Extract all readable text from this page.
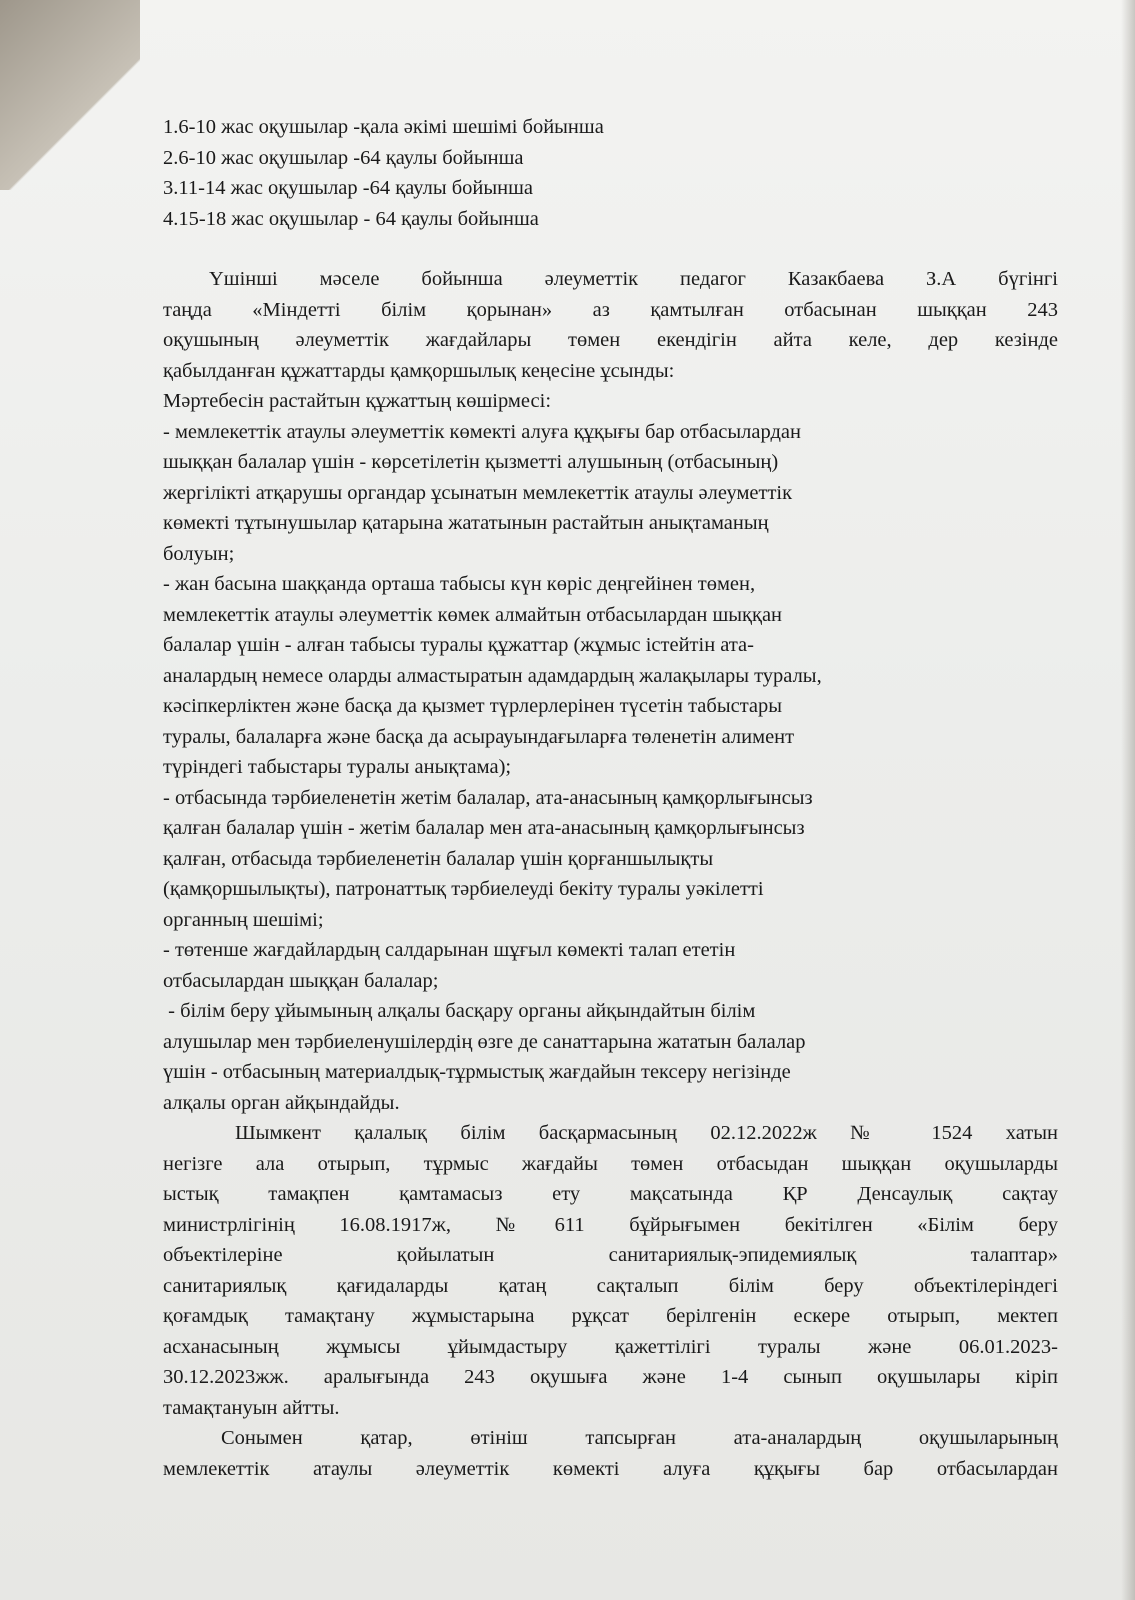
1.6-10 жас оқушылар -қала әкімі шешімі бойынша
2.6-10 жас оқушылар -64 қаулы бойынша
3.11-14 жас оқушылар -64 қаулы бойынша
4.15-18 жас оқушылар - 64 қаулы бойынша
Үшінші мәселе бойынша әлеуметтік педагог Казакбаева З.А бүгінгі
таңда «Міндетті білім қорынан» аз қамтылған отбасынан шыққан 243
оқушының әлеуметтік жағдайлары төмен екендігін айта келе, дер кезінде
қабылданған құжаттарды қамқоршылық кеңесіне ұсынды:
Мәртебесін растайтын құжаттың көшірмесі:
- мемлекеттік атаулы әлеуметтік көмекті алуға құқығы бар отбасылардан
шыққан балалар үшін - көрсетілетін қызметті алушының (отбасының)
жергілікті атқарушы органдар ұсынатын мемлекеттік атаулы әлеуметтік
көмекті тұтынушылар қатарына жататынын растайтын анықтаманың
болуын;
- жан басына шаққанда орташа табысы күн көріс деңгейінен төмен,
мемлекеттік атаулы әлеуметтік көмек алмайтын отбасылардан шыққан
балалар үшін - алған табысы туралы құжаттар (жұмыс істейтін ата-
аналардың немесе оларды алмастыратын адамдардың жалақылары туралы,
кәсіпкерліктен және басқа да қызмет түрлерлерінен түсетін табыстары
туралы, балаларға және басқа да асырауындағыларға төленетін алимент
түріндегі табыстары туралы анықтама);
- отбасында тәрбиеленетін жетім балалар, ата-анасының қамқорлығынсыз
қалған балалар үшін - жетім балалар мен ата-анасының қамқорлығынсыз
қалған, отбасыда тәрбиеленетін балалар үшін қорғаншылықты
(қамқоршылықты), патронаттық тәрбиелеуді бекіту туралы уәкілетті
органның шешімі;
- төтенше жағдайлардың салдарынан шұғыл көмекті талап ететін
отбасылардан шыққан балалар;
- білім беру ұйымының алқалы басқару органы айқындайтын білім
алушылар мен тәрбиеленушілердің өзге де санаттарына жататын балалар
үшін - отбасының материалдық-тұрмыстық жағдайын тексеру негізінде
алқалы орган айқындайды.
Шымкент қалалық білім басқармасының 02.12.2022ж № 1524 хатын
негізге ала отырып, тұрмыс жағдайы төмен отбасыдан шыққан оқушыларды
ыстық тамақпен қамтамасыз ету мақсатында ҚР Денсаулық сақтау
министрлігінің 16.08.1917ж, №611 бұйрығымен бекітілген «Білім беру
объектілеріне қойылатын санитариялық-эпидемиялық талаптар»
санитариялық қағидаларды қатаң сақталып білім беру объектілеріндегі
қоғамдық тамақтану жұмыстарына рұқсат берілгенін ескере отырып, мектеп
асханасының жұмысы ұйымдастыру қажеттілігі туралы және 06.01.2023-
30.12.2023жж. аралығында 243 оқушыға және 1-4 сынып оқушылары кіріп
тамақтануын айтты.
Сонымен қатар, өтініш тапсырған ата-аналардың оқушыларының
мемлекеттік атаулы әлеуметтік көмекті алуға құқығы бар отбасылардан
